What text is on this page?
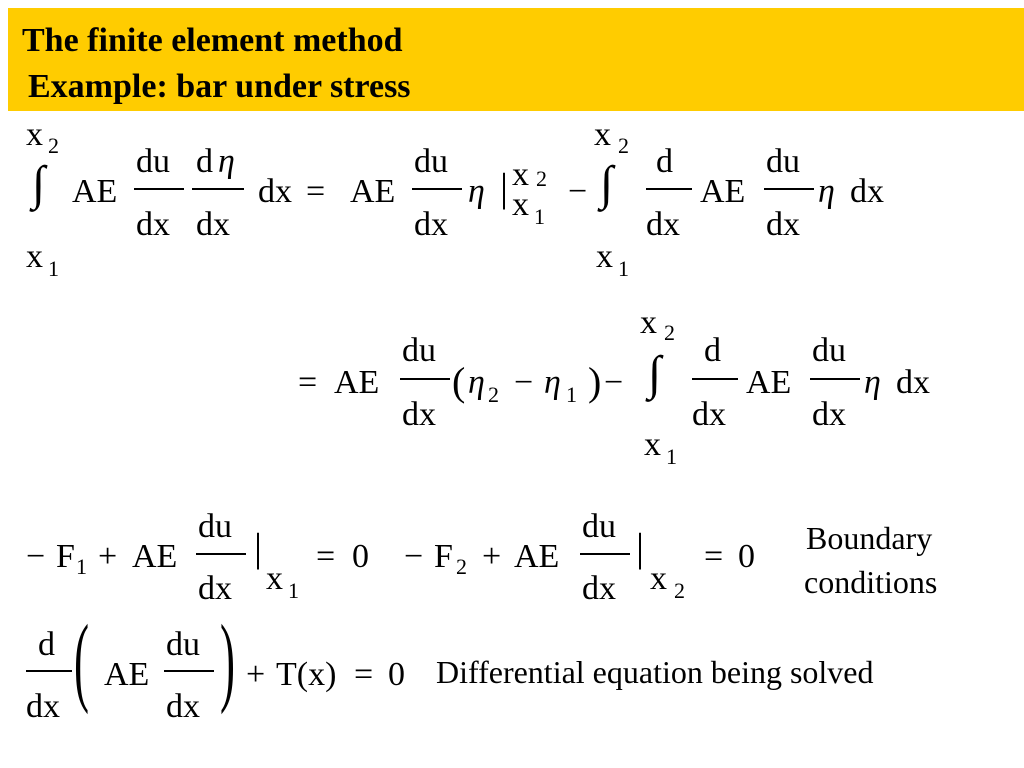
The finite element method
Example: bar under stress
x 2
∫
x 1
AE
du
dx
d η
dx
dx = AE
du
dx
η | x 2
x 1
−
x 2
∫
x 1
d
dx
AE
du
dx
η dx
= AE
du
dx
( η 2 − η 1 ) −
x 2
∫
x 1
d
dx
AE
du
dx
η dx
− F 1 + AE
du
dx
|
x 1
= 0 − F 2 + AE
du
dx
|
x 2
= 0 Boundary
conditions
d
dx ( AE
du
dx ) + T(x) = 0 Differential equation being solved
